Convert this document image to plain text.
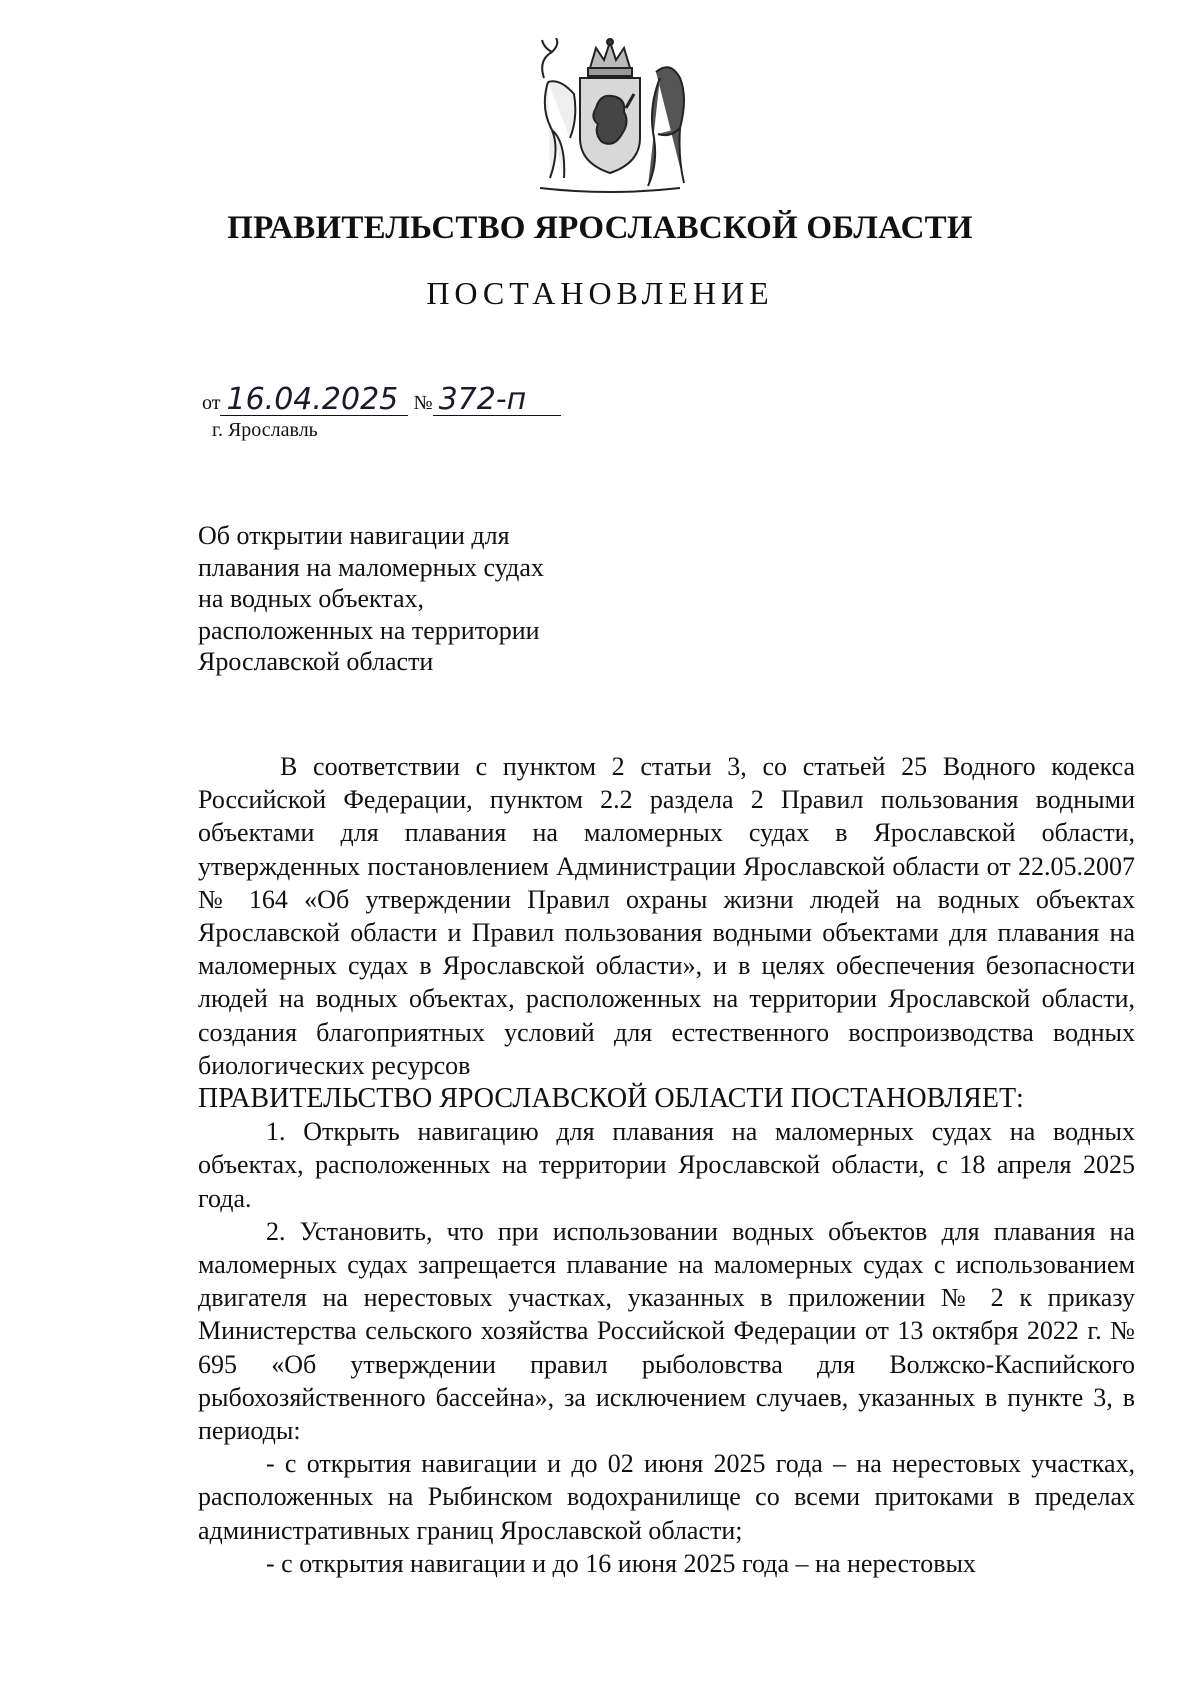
ПРАВИТЕЛЬСТВО ЯРОСЛАВСКОЙ ОБЛАСТИ
ПОСТАНОВЛЕНИЕ
от 16.04.2025 № 372-п
г. Ярославль
Об открытии навигации для
плавания на маломерных судах
на водных объектах,
расположенных на территории
Ярославской области

В соответствии с пунктом 2 статьи 3, со статьей 25 Водного кодекса Российской Федерации, пунктом 2.2 раздела 2 Правил пользования водными объектами для плавания на маломерных судах в Ярославской области, утвержденных постановлением Администрации Ярославской области от 22.05.2007 № 164 «Об утверждении Правил охраны жизни людей на водных объектах Ярославской области и Правил пользования водными объектами для плавания на маломерных судах в Ярославской области», и в целях обеспечения безопасности людей на водных объектах, расположенных на территории Ярославской области, создания благоприятных условий для естественного воспроизводства водных биологических ресурсов

ПРАВИТЕЛЬСТВО ЯРОСЛАВСКОЙ ОБЛАСТИ ПОСТАНОВЛЯЕТ:

1. Открыть навигацию для плавания на маломерных судах на водных объектах, расположенных на территории Ярославской области, с 18 апреля 2025 года.

2. Установить, что при использовании водных объектов для плавания на маломерных судах запрещается плавание на маломерных судах с использованием двигателя на нерестовых участках, указанных в приложении № 2 к приказу Министерства сельского хозяйства Российской Федерации от 13 октября 2022 г. № 695 «Об утверждении правил рыболовства для Волжско-Каспийского рыбохозяйственного бассейна», за исключением случаев, указанных в пункте 3, в периоды:

- с открытия навигации и до 02 июня 2025 года – на нерестовых участках, расположенных на Рыбинском водохранилище со всеми притоками в пределах административных границ Ярославской области;

- с открытия навигации и до 16 июня 2025 года – на нерестовых
